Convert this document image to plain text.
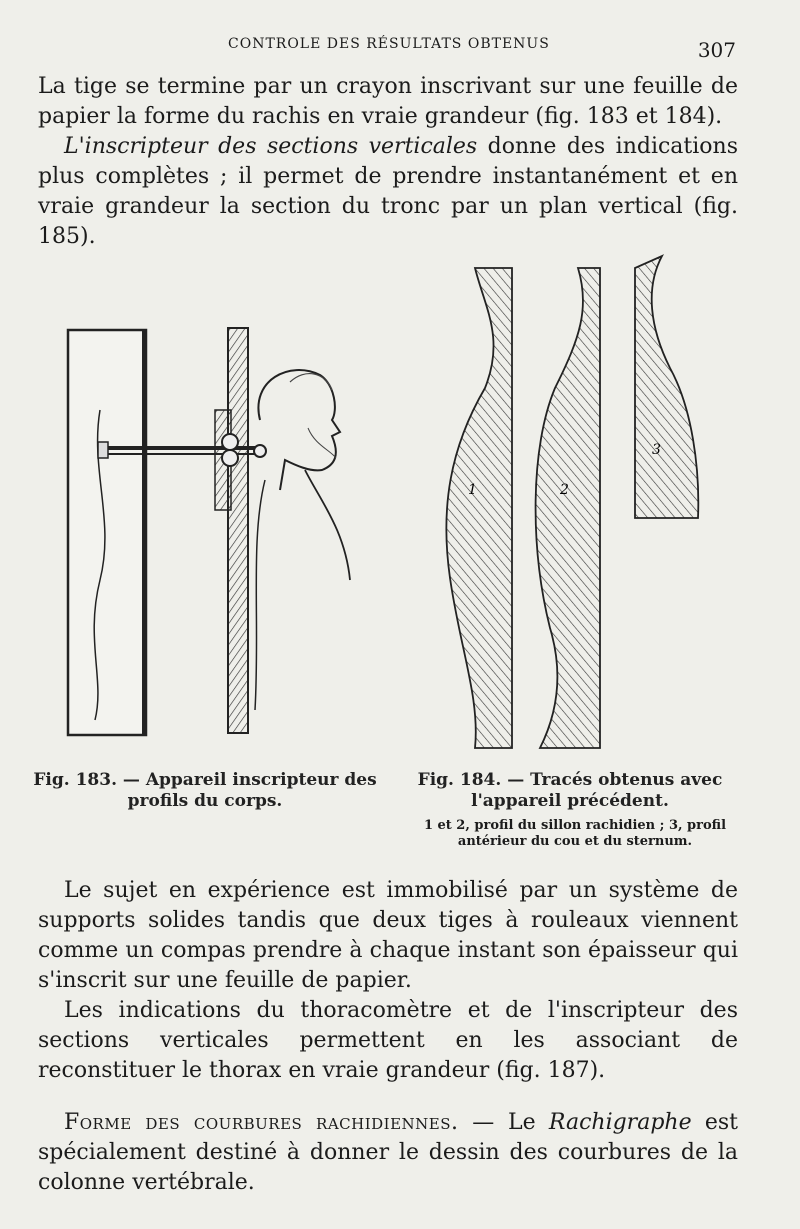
CONTROLE DES RÉSULTATS OBTENUS	307
La tige se termine par un crayon inscrivant sur une feuille de papier la forme du rachis en vraie grandeur (fig. 183 et 184).
L'inscripteur des sections verticales donne des indications plus complètes ; il permet de prendre instantanément et en vraie grandeur la section du tronc par un plan vertical (fig. 185).
1	2
3
Fig. 183. — Appareil inscripteur des profils du corps.
Fig. 184. — Tracés obtenus avec l'appareil précédent.
1 et 2, profil du sillon rachidien ; 3, profil antérieur du cou et du sternum.
Le sujet en expérience est immobilisé par un système de supports solides tandis que deux tiges à rouleaux viennent comme un compas prendre à chaque instant son épaisseur qui s'inscrit sur une feuille de papier.
Les indications du thoracomètre et de l'inscripteur des sections verticales permettent en les associant de reconstituer le thorax en vraie grandeur (fig. 187).
Forme des courbures rachidiennes. — Le Rachigraphe est spécialement destiné à donner le dessin des courbures de la colonne vertébrale.
